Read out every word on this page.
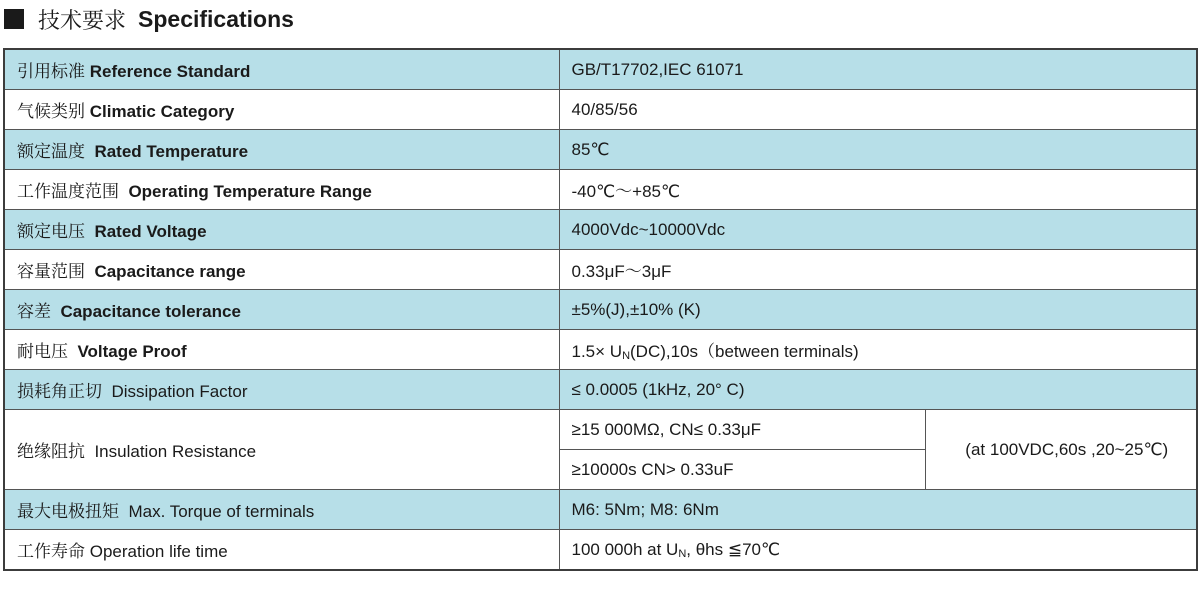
技术要求 Specifications
引用标准 Reference Standard	GB/T17702,IEC 61071	
气候类别 Climatic Category	40/85/56	
额定温度 Rated Temperature	85℃	
工作温度范围 Operating Temperature Range	-40℃～+85℃	
额定电压 Rated Voltage	4000Vdc~10000Vdc	
容量范围 Capacitance range	0.33μF～3μF	
容差 Capacitance tolerance	±5%(J),±10% (K)	
耐电压 Voltage Proof	$1.5\times U_N(DC),10s(between$ terminals)	
损耗角正切 Dissipation Factor	≤ 0.0005 (1kHz, 20° C)	
绝缘阻抗 Insulation Resistance	≥15 000MΩ, CN≤ 0.33μF	(at 100VDC,60s ,20~25℃)
	≥10000s CN> 0.33uF	
最大电极扭矩 Max. Torque of terminals	M6: 5Nm; M8: 6Nm	
工作寿命 Operation life time	100 000h at $U_N$, θhs ≦70℃	
